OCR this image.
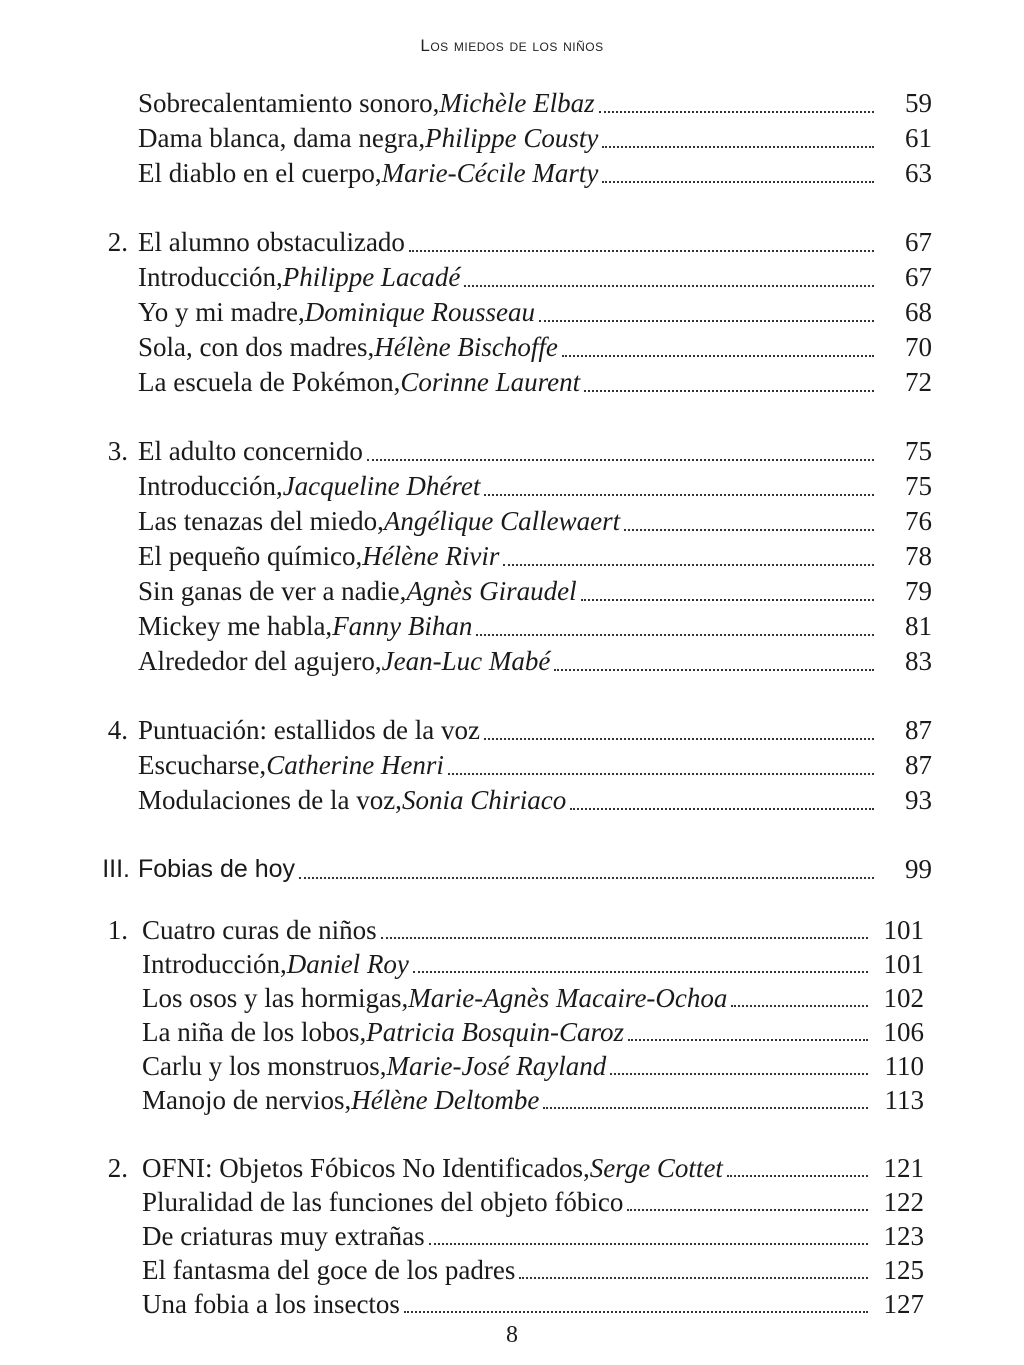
Los miedos de los niños
Sobrecalentamiento sonoro, Michèle Elbaz	59
Dama blanca, dama negra, Philippe Cousty	61
El diablo en el cuerpo, Marie-Cécile Marty	63
2. El alumno obstaculizado	67
Introducción, Philippe Lacadé	67
Yo y mi madre, Dominique Rousseau	68
Sola, con dos madres, Hélène Bischoffe	70
La escuela de Pokémon, Corinne Laurent	72
3. El adulto concernido	75
Introducción, Jacqueline Dhéret	75
Las tenazas del miedo, Angélique Callewaert	76
El pequeño químico, Hélène Rivir	78
Sin ganas de ver a nadie, Agnès Giraudel	79
Mickey me habla, Fanny Bihan	81
Alrededor del agujero, Jean-Luc Mabé	83
4. Puntuación: estallidos de la voz	87
Escucharse, Catherine Henri	87
Modulaciones de la voz, Sonia Chiriaco	93
III. Fobias de hoy	99
1. Cuatro curas de niños	101
Introducción, Daniel Roy	101
Los osos y las hormigas, Marie-Agnès Macaire-Ochoa	102
La niña de los lobos, Patricia Bosquin-Caroz	106
Carlu y los monstruos, Marie-José Rayland	110
Manojo de nervios, Hélène Deltombe	113
2. OFNI: Objetos Fóbicos No Identificados, Serge Cottet	121
Pluralidad de las funciones del objeto fóbico	122
De criaturas muy extrañas	123
El fantasma del goce de los padres	125
Una fobia a los insectos	127
8
